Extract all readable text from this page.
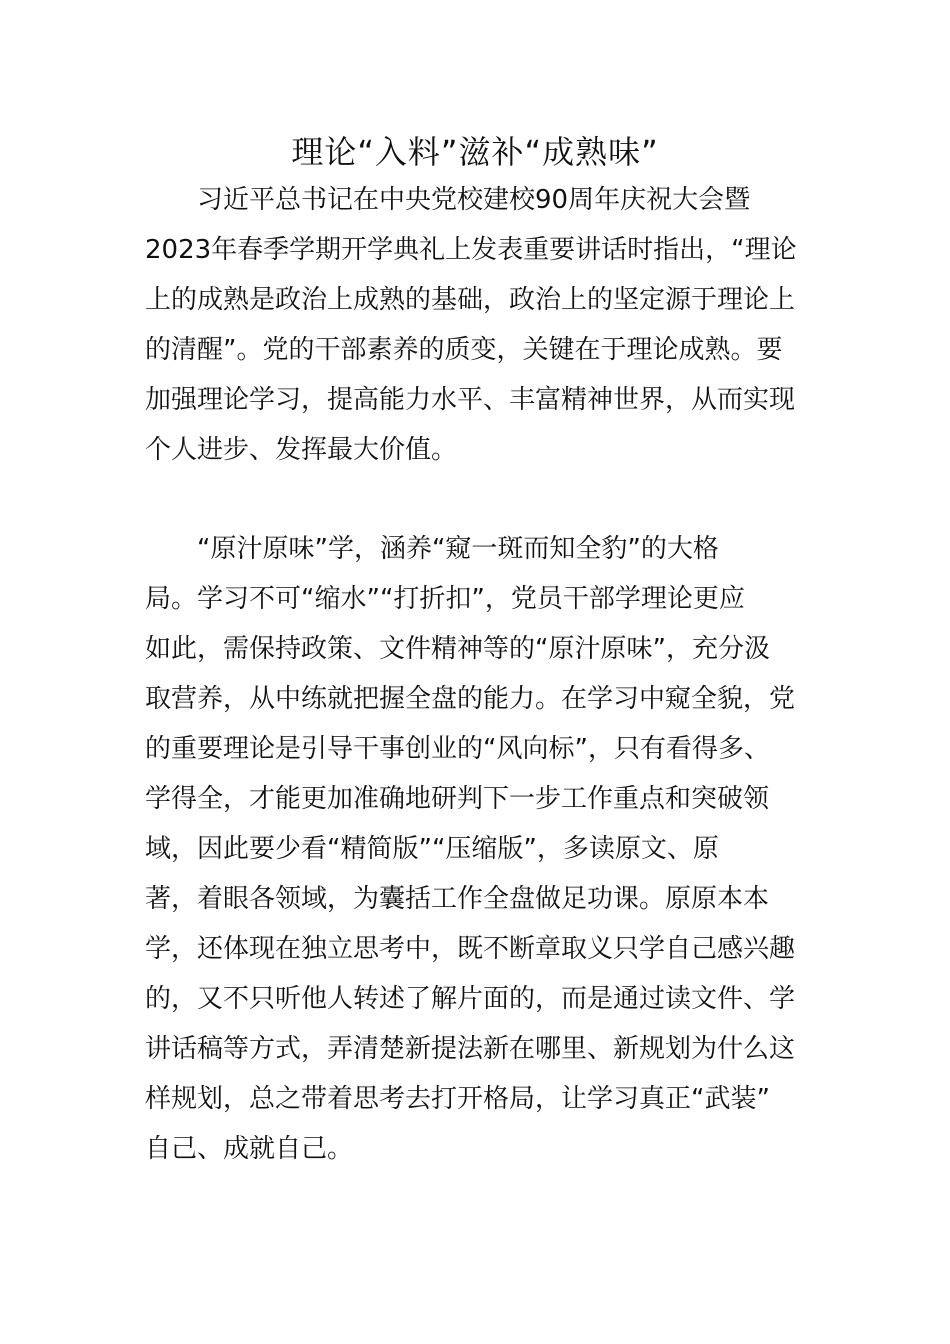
理论“入料”滋补“成熟味”
　　习近平总书记在中央党校建校90周年庆祝大会暨
2023年春季学期开学典礼上发表重要讲话时指出，“理论
上的成熟是政治上成熟的基础，政治上的坚定源于理论上
的清醒”。党的干部素养的质变，关键在于理论成熟。要
加强理论学习，提高能力水平、丰富精神世界，从而实现
个人进步、发挥最大价值。
　　“原汁原味”学，涵养“窥一斑而知全豹”的大格
局。学习不可“缩水”“打折扣”，党员干部学理论更应
如此，需保持政策、文件精神等的“原汁原味”，充分汲
取营养，从中练就把握全盘的能力。在学习中窥全貌，党
的重要理论是引导干事创业的“风向标”，只有看得多、
学得全，才能更加准确地研判下一步工作重点和突破领
域，因此要少看“精简版”“压缩版”，多读原文、原
著，着眼各领域，为囊括工作全盘做足功课。原原本本
学，还体现在独立思考中，既不断章取义只学自己感兴趣
的，又不只听他人转述了解片面的，而是通过读文件、学
讲话稿等方式，弄清楚新提法新在哪里、新规划为什么这
样规划，总之带着思考去打开格局，让学习真正“武装”
自己、成就自己。
